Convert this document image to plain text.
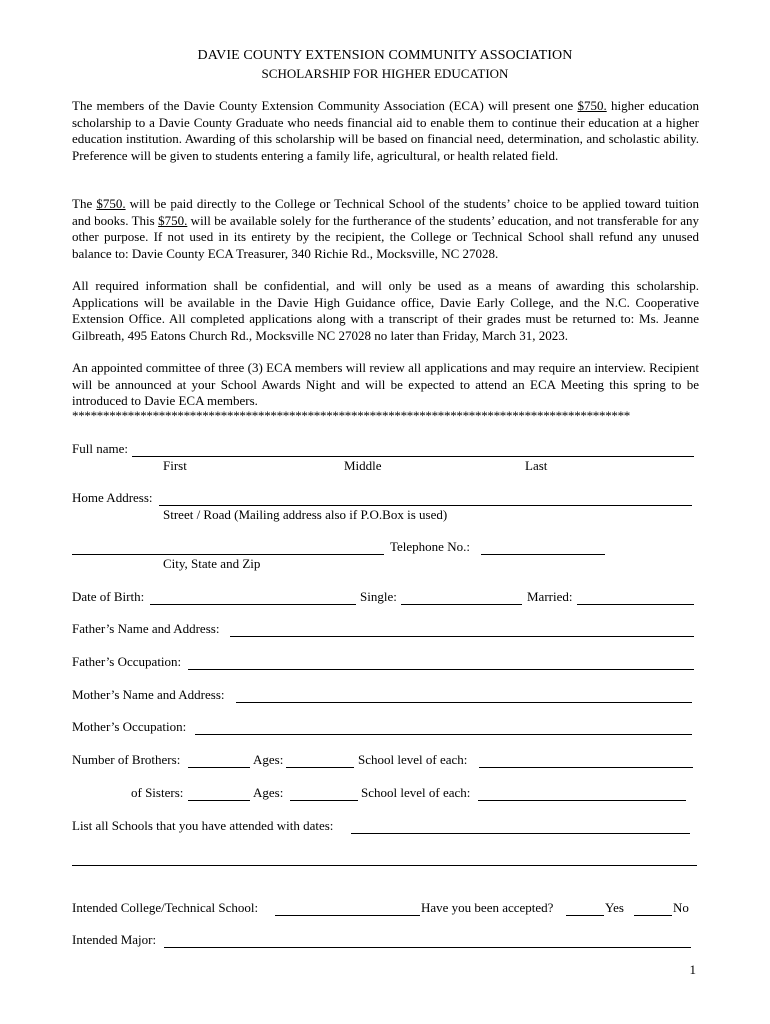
DAVIE COUNTY EXTENSION COMMUNITY ASSOCIATION
SCHOLARSHIP FOR HIGHER EDUCATION
The members of the Davie County Extension Community Association (ECA) will present one $750. higher education scholarship to a Davie County Graduate who needs financial aid to enable them to continue their education at a higher education institution. Awarding of this scholarship will be based on financial need, determination, and scholastic ability. Preference will be given to students entering a family life, agricultural, or health related field.
The $750. will be paid directly to the College or Technical School of the students’ choice to be applied toward tuition and books. This $750. will be available solely for the furtherance of the students’ education, and not transferable for any other purpose. If not used in its entirety by the recipient, the College or Technical School shall refund any unused balance to: Davie County ECA Treasurer, 340 Richie Rd., Mocksville, NC 27028.
All required information shall be confidential, and will only be used as a means of awarding this scholarship. Applications will be available in the Davie High Guidance office, Davie Early College, and the N.C. Cooperative Extension Office. All completed applications along with a transcript of their grades must be returned to: Ms. Jeanne Gilbreath, 495 Eatons Church Rd., Mocksville NC 27028 no later than Friday, March 31, 2023.
An appointed committee of three (3) ECA members will review all applications and may require an interview. Recipient will be announced at your School Awards Night and will be expected to attend an ECA Meeting this spring to be introduced to Davie ECA members.
******************************************************************************************
Full name:
First	Middle	Last
Home Address:
Street / Road (Mailing address also if P.O.Box is used)
Telephone No.:
City, State and Zip
Date of Birth:	Single:	Married:
Father’s Name and Address:
Father’s Occupation:
Mother’s Name and Address:
Mother’s Occupation:
Number of Brothers:	Ages:	School level of each:
of Sisters:	Ages:	School level of each:
List all Schools that you have attended with dates:
Intended College/Technical School:	Have you been accepted?	Yes	No
Intended Major:
1
